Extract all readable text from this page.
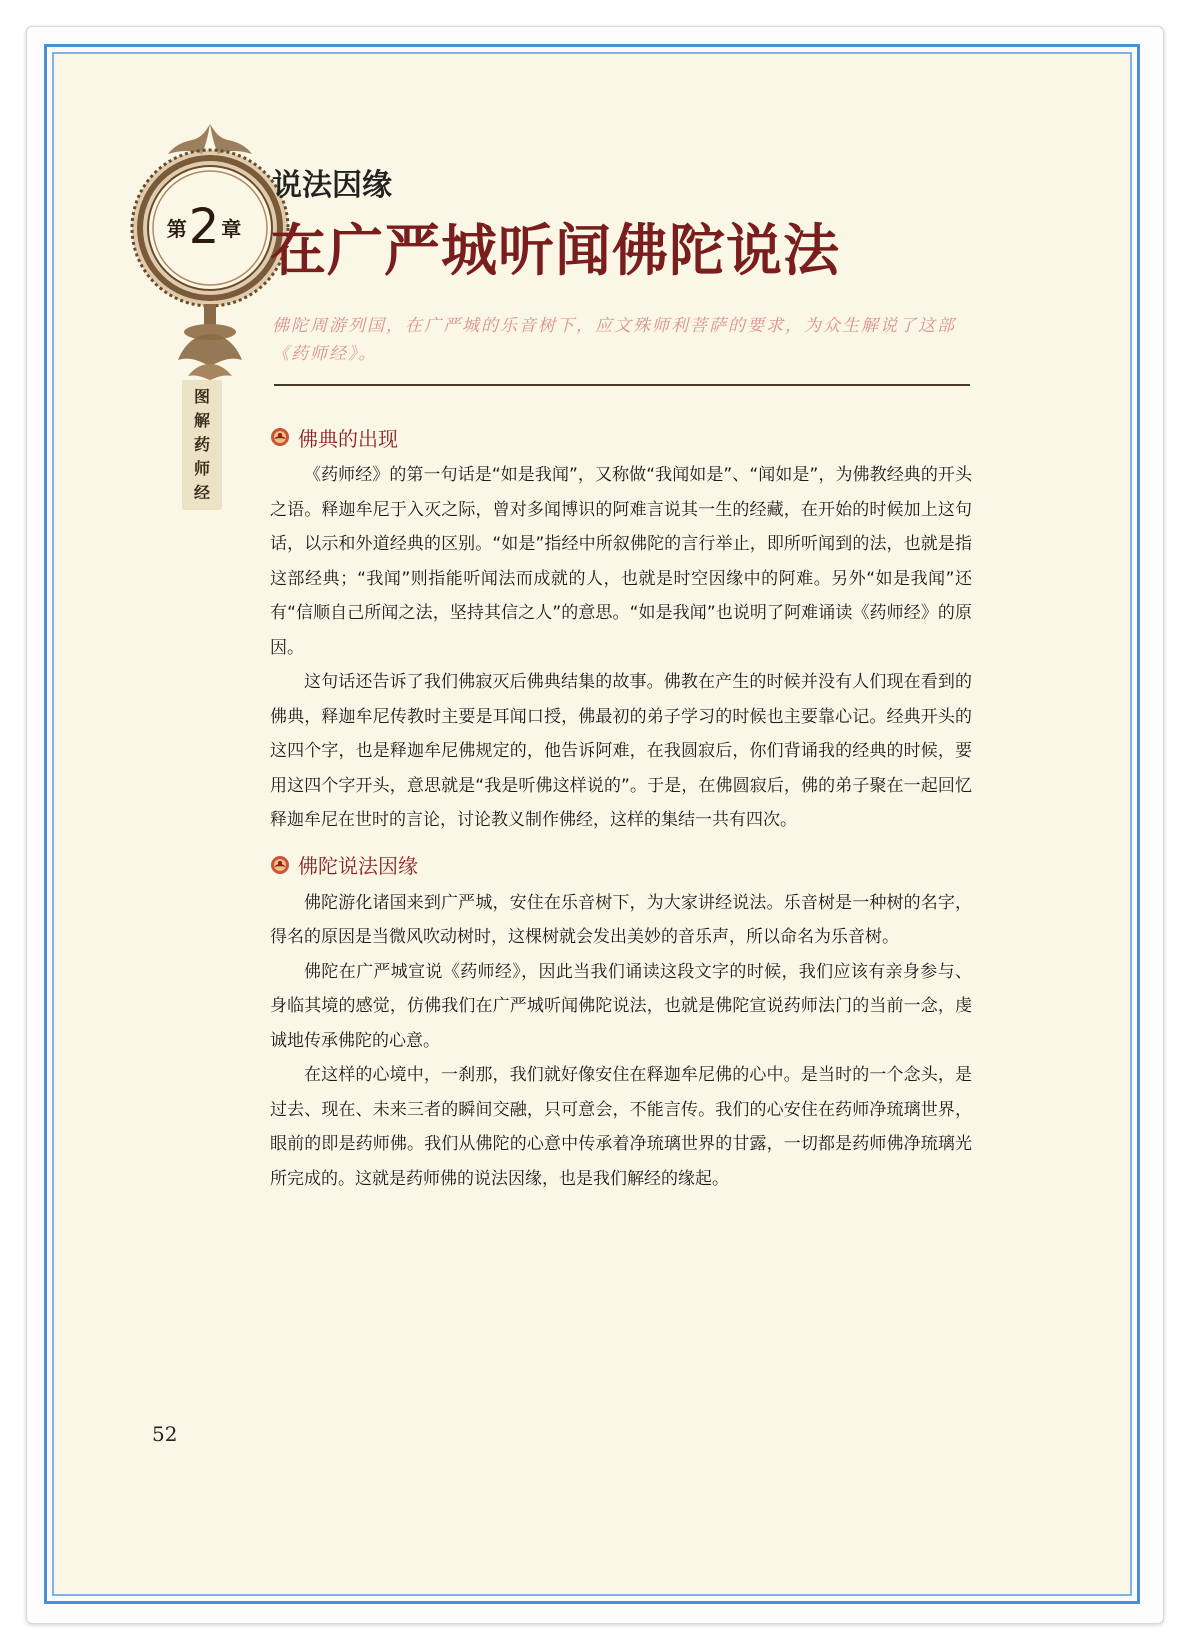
第 2 章
图
解
药
师
经
说法因缘
在广严城听闻佛陀说法
佛陀周游列国，在广严城的乐音树下，应文殊师利菩萨的要求，为众生解说了这部《药师经》。
佛典的出现

《药师经》的第一句话是“如是我闻”，又称做“我闻如是”、“闻如是”，为佛教经典的开头之语。释迦牟尼于入灭之际，曾对多闻博识的阿难言说其一生的经藏，在开始的时候加上这句话，以示和外道经典的区别。“如是”指经中所叙佛陀的言行举止，即所听闻到的法，也就是指这部经典；“我闻”则指能听闻法而成就的人，也就是时空因缘中的阿难。另外“如是我闻”还有“信顺自己所闻之法，坚持其信之人”的意思。“如是我闻”也说明了阿难诵读《药师经》的原因。

这句话还告诉了我们佛寂灭后佛典结集的故事。佛教在产生的时候并没有人们现在看到的佛典，释迦牟尼传教时主要是耳闻口授，佛最初的弟子学习的时候也主要靠心记。经典开头的这四个字，也是释迦牟尼佛规定的，他告诉阿难，在我圆寂后，你们背诵我的经典的时候，要用这四个字开头，意思就是“我是听佛这样说的”。于是，在佛圆寂后，佛的弟子聚在一起回忆释迦牟尼在世时的言论，讨论教义制作佛经，这样的集结一共有四次。

佛陀说法因缘

佛陀游化诸国来到广严城，安住在乐音树下，为大家讲经说法。乐音树是一种树的名字，得名的原因是当微风吹动树时，这棵树就会发出美妙的音乐声，所以命名为乐音树。

佛陀在广严城宣说《药师经》，因此当我们诵读这段文字的时候，我们应该有亲身参与、身临其境的感觉，仿佛我们在广严城听闻佛陀说法，也就是佛陀宣说药师法门的当前一念，虔诚地传承佛陀的心意。

在这样的心境中，一刹那，我们就好像安住在释迦牟尼佛的心中。是当时的一个念头，是过去、现在、未来三者的瞬间交融，只可意会，不能言传。我们的心安住在药师净琉璃世界，眼前的即是药师佛。我们从佛陀的心意中传承着净琉璃世界的甘露，一切都是药师佛净琉璃光所完成的。这就是药师佛的说法因缘，也是我们解经的缘起。

52
